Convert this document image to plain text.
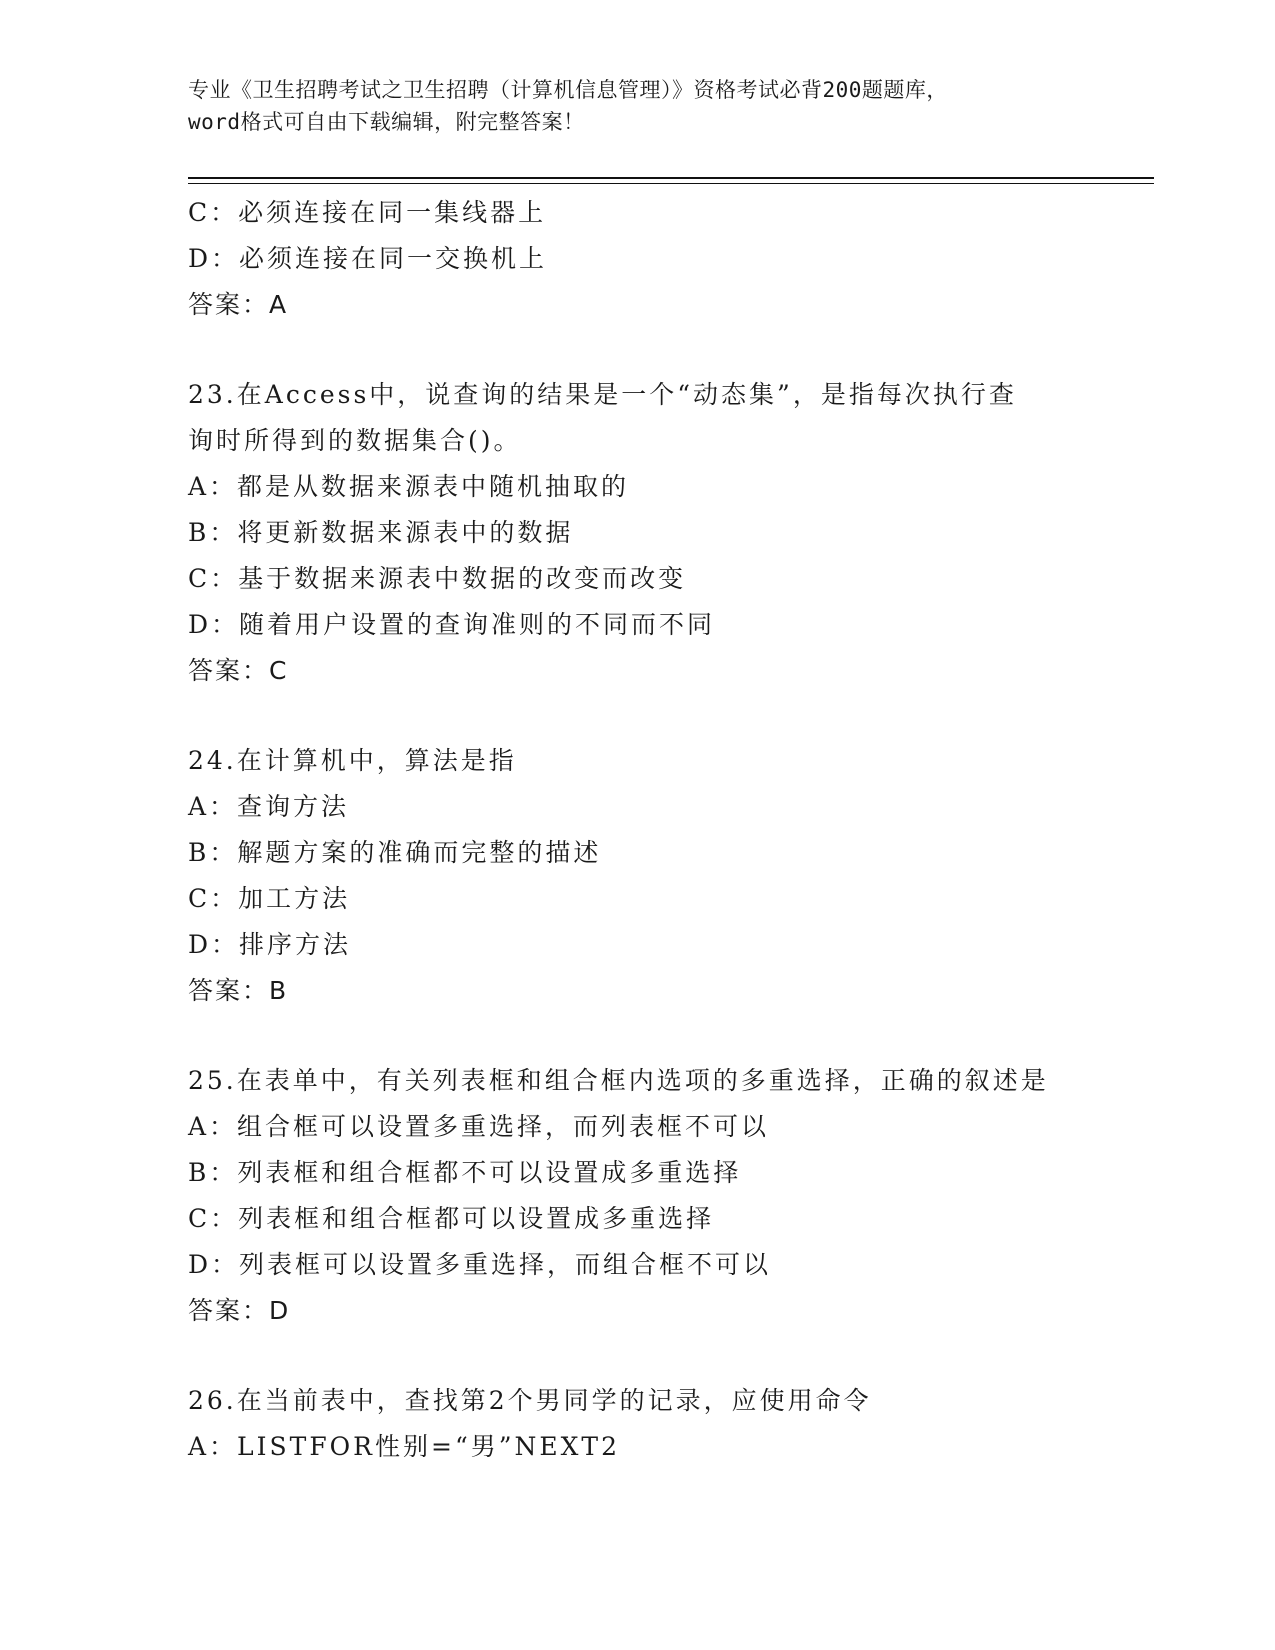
专业《卫生招聘考试之卫生招聘（计算机信息管理）》资格考试必背200题题库，
word格式可自由下载编辑，附完整答案！
C：必须连接在同一集线器上
D：必须连接在同一交换机上
答案：A
23.在Access中，说查询的结果是一个“动态集”，是指每次执行查
询时所得到的数据集合()。
A：都是从数据来源表中随机抽取的
B：将更新数据来源表中的数据
C：基于数据来源表中数据的改变而改变
D：随着用户设置的查询准则的不同而不同
答案：C
24.在计算机中，算法是指
A：查询方法
B：解题方案的准确而完整的描述
C：加工方法
D：排序方法
答案：B
25.在表单中，有关列表框和组合框内选项的多重选择，正确的叙述是
A：组合框可以设置多重选择，而列表框不可以
B：列表框和组合框都不可以设置成多重选择
C：列表框和组合框都可以设置成多重选择
D：列表框可以设置多重选择，而组合框不可以
答案：D
26.在当前表中，查找第2个男同学的记录，应使用命令
A：LISTFOR性别=“男”NEXT2
